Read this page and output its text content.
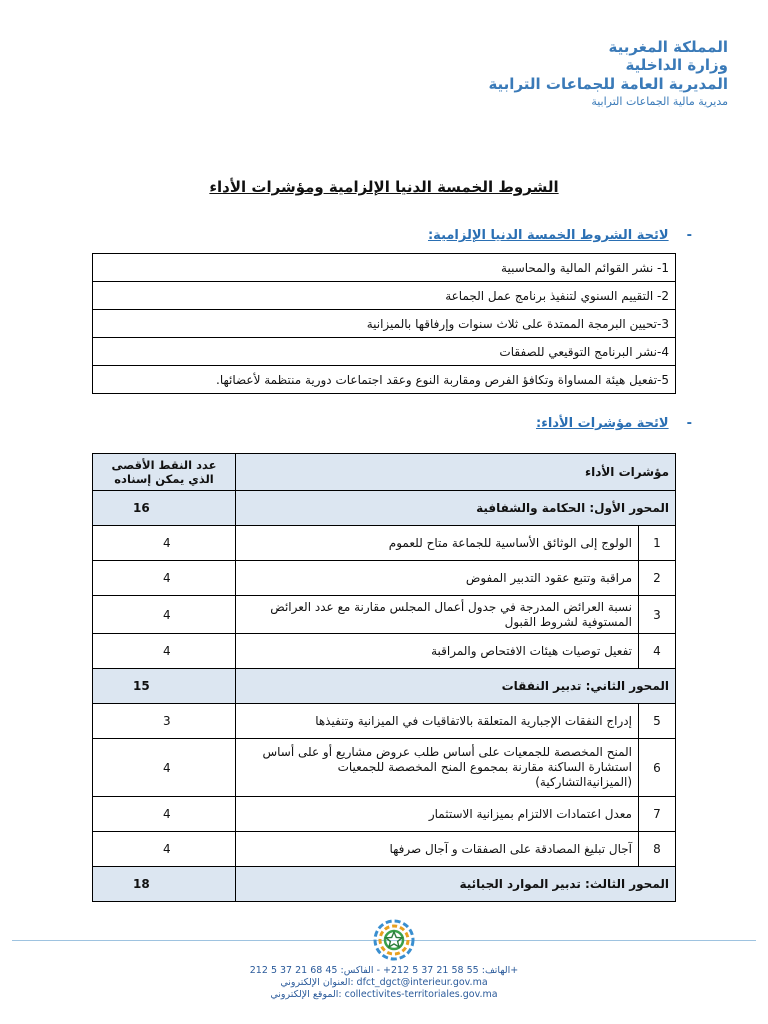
المملكة المغربية
وزارة الداخلية
المديرية العامة للجماعات الترابية
مديرية مالية الجماعات الترابية
الشروط الخمسة الدنيا الإلزامية ومؤشرات الأداء
-لائحة الشروط الخمسة الدنيا الإلزامية:
1- نشر القوائم المالية والمحاسبية
2- التقييم السنوي لتنفيذ برنامج عمل الجماعة
3-تحيين البرمجة الممتدة على ثلاث سنوات وإرفاقها بالميزانية
4-نشر البرنامج التوقيعي للصفقات
5-تفعيل هيئة المساواة وتكافؤ الفرص ومقاربة النوع وعقد اجتماعات دورية منتظمة لأعضائها.
-لائحة مؤشرات الأداء:
مؤشرات الأداء		عدد النقط الأقصى الذي يمكن إسناده
المحور الأول: الحكامة والشفافية		16
1	الولوج إلى الوثائق الأساسية للجماعة متاح للعموم	4
2	مراقبة وتتبع عقود التدبير المفوض	4
3	نسبة العرائض المدرجة في جدول أعمال المجلس مقارنة مع عدد العرائض المستوفية لشروط القبول	4
4	تفعيل توصيات هيئات الافتحاص والمراقبة	4
المحور الثاني: تدبير النفقات		15
5	إدراج النفقات الإجبارية المتعلقة بالاتفاقيات في الميزانية وتنفيذها	3
6	المنح المخصصة للجمعيات على أساس طلب عروض مشاريع أو على أساس استشارة الساكنة مقارنة بمجموع المنح المخصصة للجمعيات (الميزانيةالتشاركية)	4
7	معدل اعتمادات الالتزام بميزانية الاستثمار	4
8	آجال تبليغ المصادقة على الصفقات و آجال صرفها	4
المحور الثالث: تدبير الموارد الجبائية		18
الهاتف: 55 58 21 37 5 212+ - الفاكس: 45 68 21 37 5 212+
العنوان الإلكتروني: dfct_dgct@interieur.gov.ma
الموقع الإلكتروني: collectivites-territoriales.gov.ma
